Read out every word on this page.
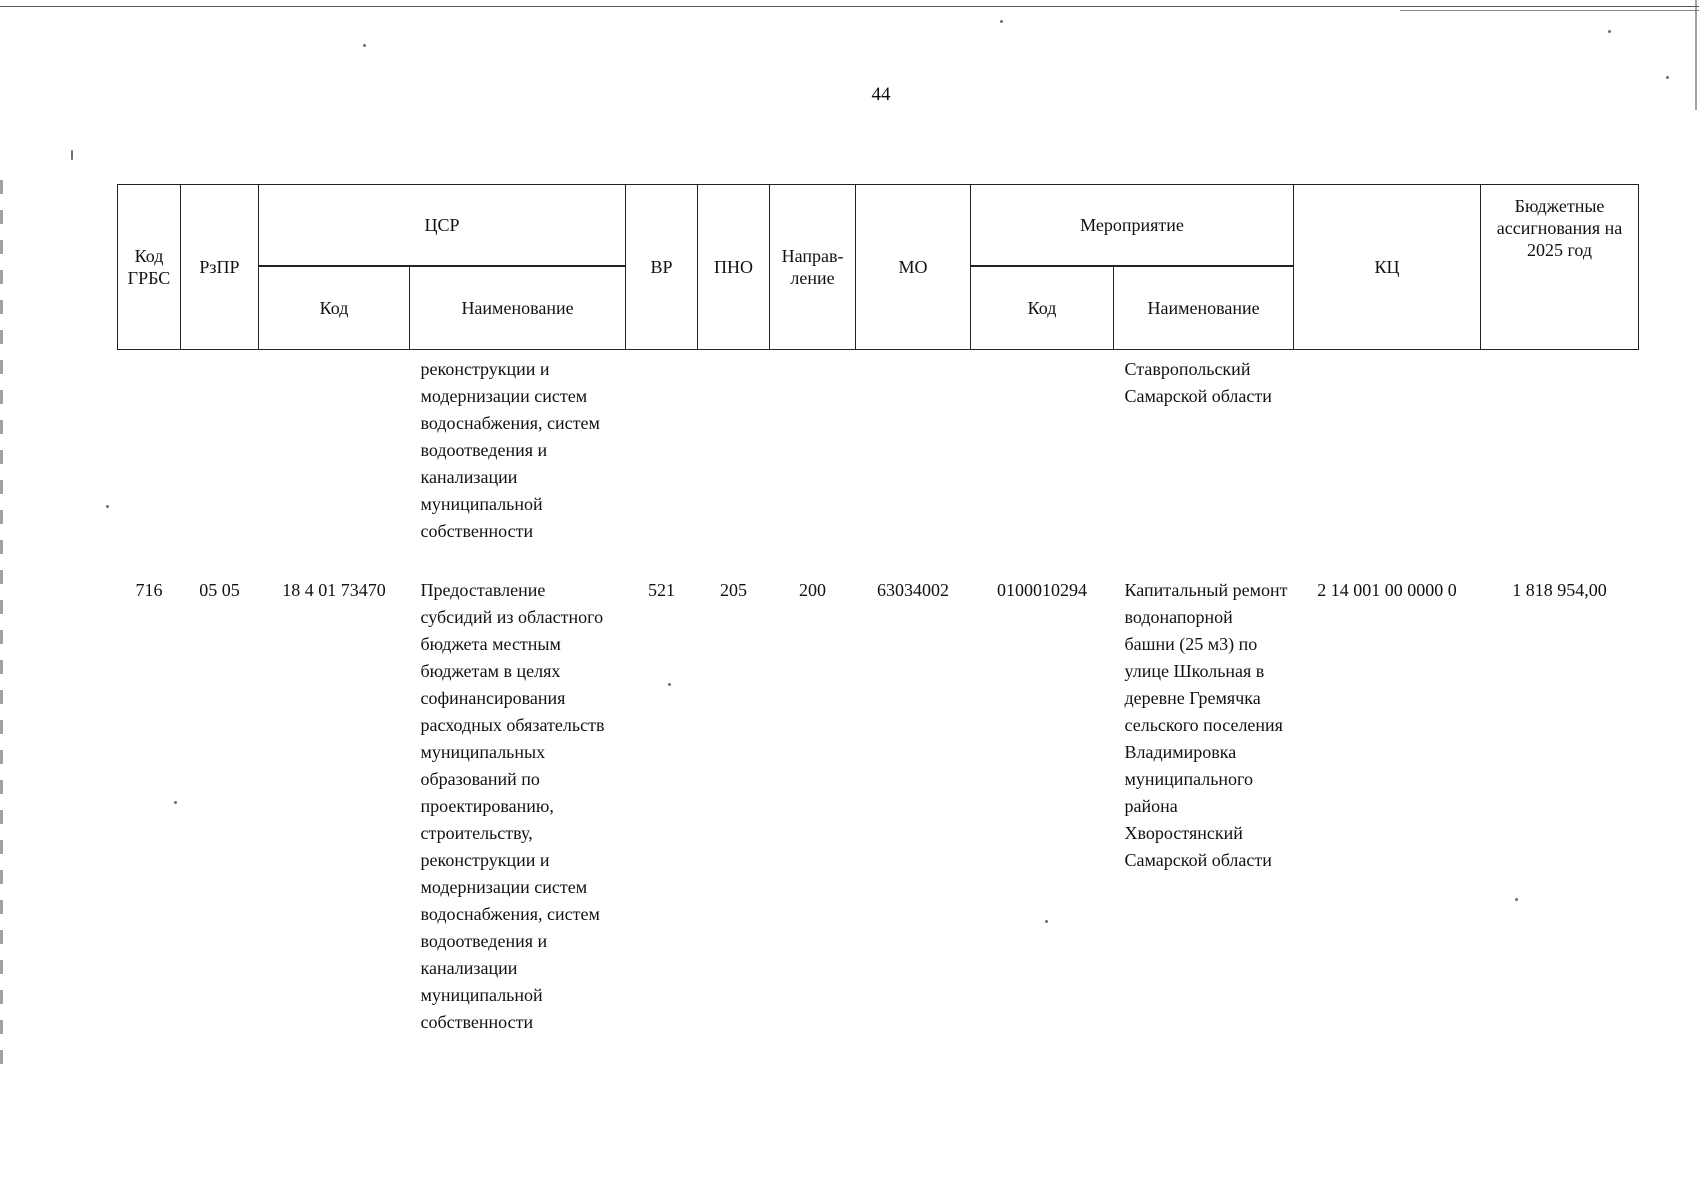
44
Код ГРБС	РзПР	ЦСР		ВР	ПНО	Направ-ление	МО	Мероприятие		КЦ	Бюджетные ассигнования на 2025 год
		Код	Наименование					Код	Наименование		
			реконструкции и модернизации систем водоснабжения, систем водоотведения и канализации муниципальной собственности						Ставропольский Самарской области		
716	05 05	18 4 01 73470	Предоставление субсидий из областного бюджета местным бюджетам в целях софинансирования расходных обязательств муниципальных образований по проектированию, строительству, реконструкции и модернизации систем водоснабжения, систем водоотведения и канализации муниципальной собственности	521	205	200	63034002	0100010294	Капитальный ремонт водонапорной башни (25 м3) по улице Школьная в деревне Гремячка сельского поселения Владимировка муниципального района Хворостянский Самарской области	2 14 001 00 0000 0	1 818 954,00
